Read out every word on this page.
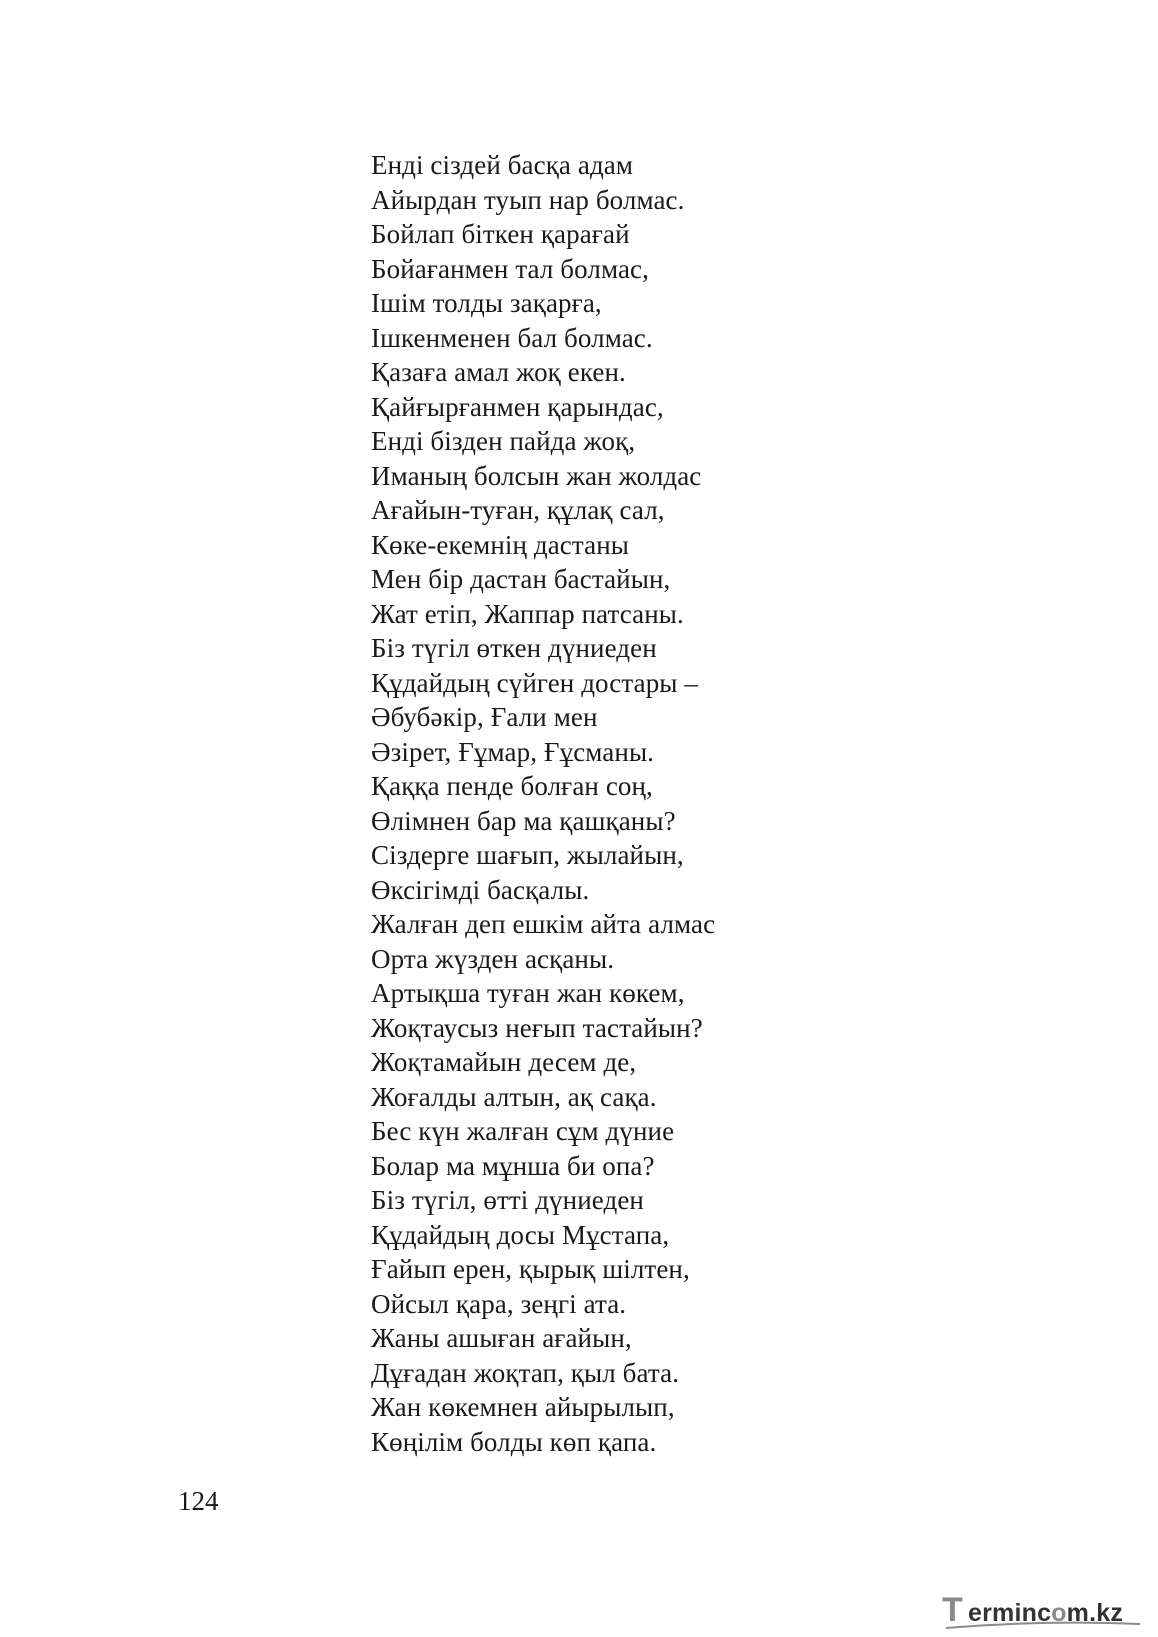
Енді сіздей басқа адам
Айырдан туып нар болмас.
Бойлап біткен қарағай
Бойағанмен тал болмас,
Ішім толды зақарға,
Ішкенменен бал болмас.
Қазаға амал жоқ екен.
Қайғырғанмен қарындас,
Енді бізден пайда жоқ,
Иманың болсын жан жолдас
Ағайын-туған, құлақ сал,
Көке-екемнің дастаны
Мен бір дастан бастайын,
Жат етіп, Жаппар патсаны.
Біз түгіл өткен дүниеден
Құдайдың сүйген достары –
Әбубәкір, Ғали мен
Әзірет, Ғұмар, Ғұсманы.
Қаққа пенде болған соң,
Өлімнен бар ма қашқаны?
Сіздерге шағып, жылайын,
Өксігімді басқалы.
Жалған деп ешкім айта алмас
Орта жүзден асқаны.
Артықша туған жан көкем,
Жоқтаусыз неғып тастайын?
Жоқтамайын десем де,
Жоғалды алтын, ақ сақа.
Бес күн жалған сұм дүние
Болар ма мұнша би опа?
Біз түгіл, өтті дүниеден
Құдайдың досы Мұстапа,
Ғайып ерен, қырық шілтен,
Ойсыл қара, зеңгі ата.
Жаны ашыған ағайын,
Дұғадан жоқтап, қыл бата.
Жан көкемнен айырылып,
Көңілім болды көп қапа.
124
T ermincom.kz
